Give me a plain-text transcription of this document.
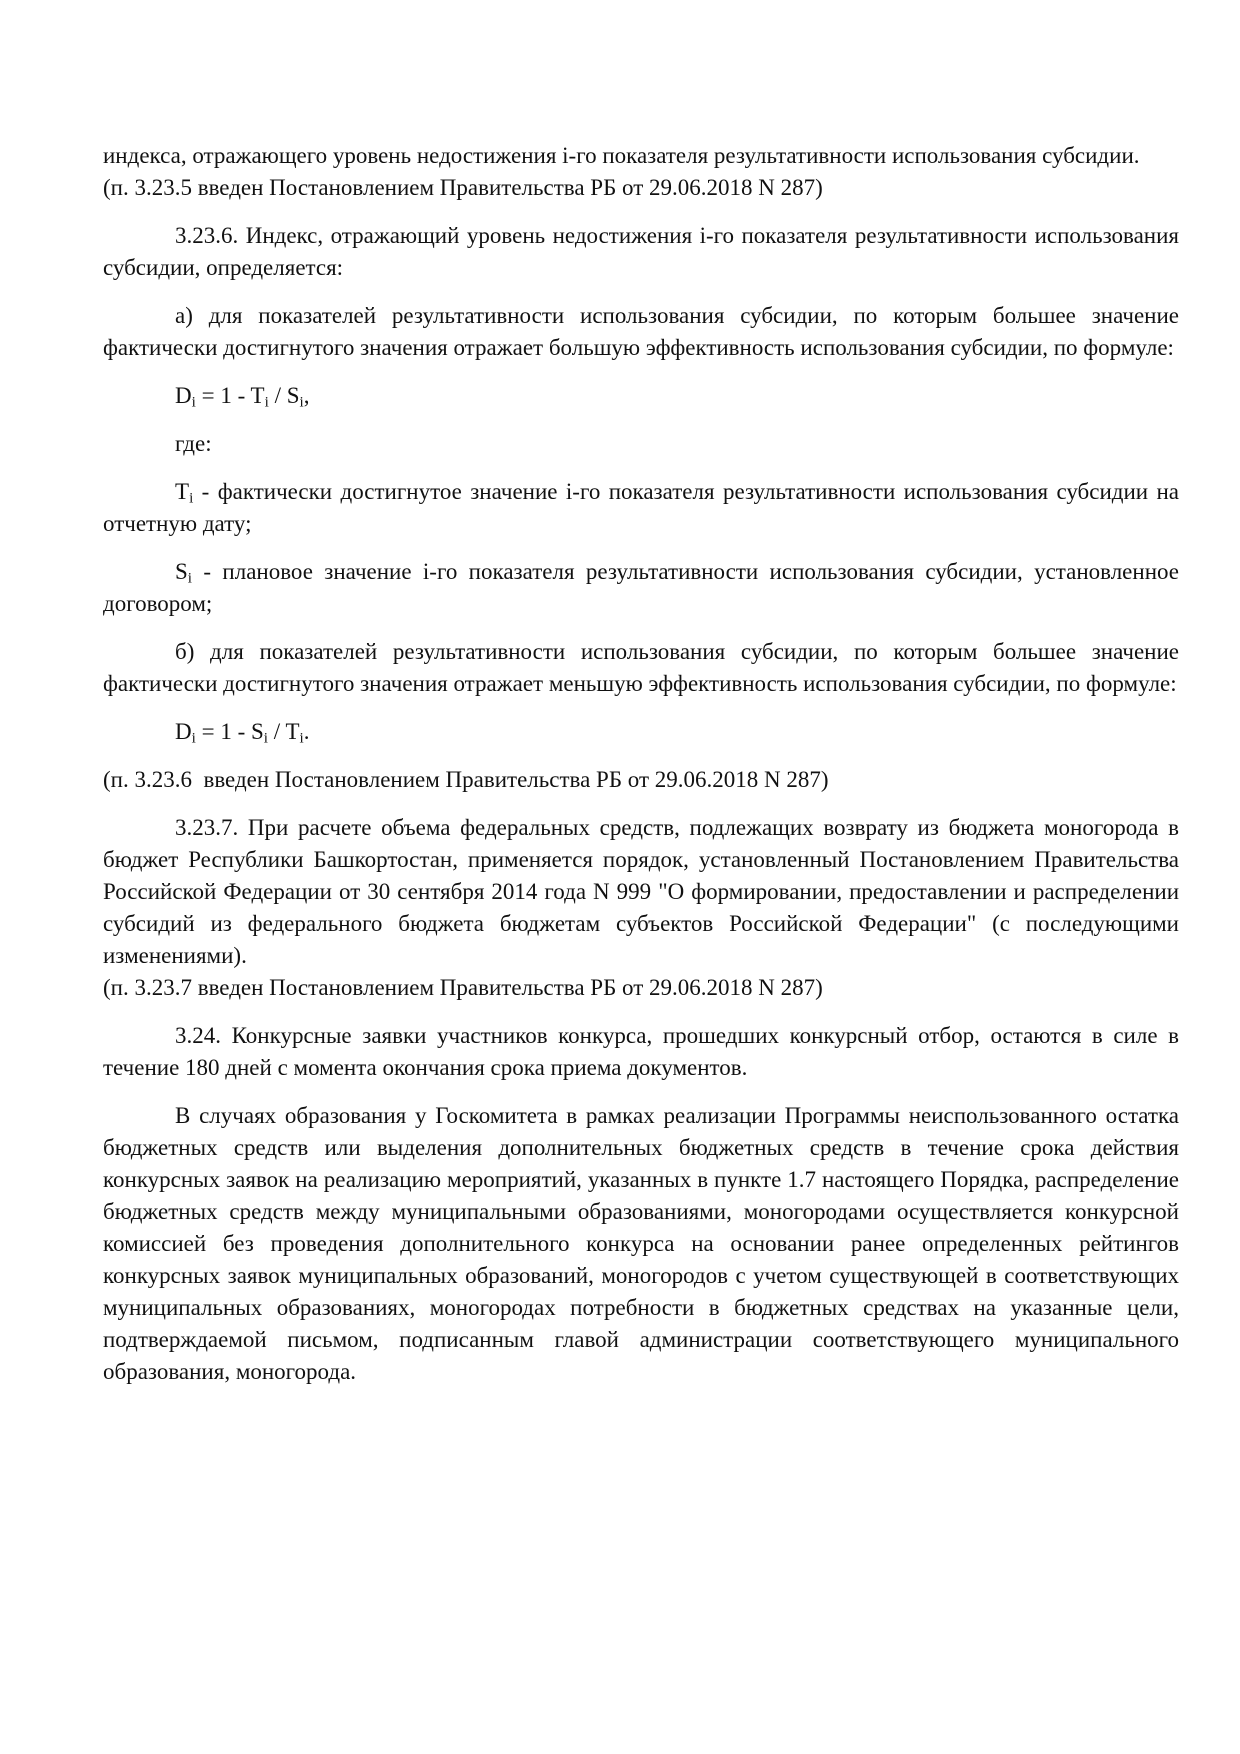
индекса, отражающего уровень недостижения i-го показателя результативности использования субсидии.

(п. 3.23.5 введен Постановлением Правительства РБ от 29.06.2018 N 287)

3.23.6. Индекс, отражающий уровень недостижения i-го показателя результативности использования субсидии, определяется:

а) для показателей результативности использования субсидии, по которым большее значение фактически достигнутого значения отражает большую эффективность использования субсидии, по формуле:

$D_i = 1 - T_i / S_i$,

где:

$T_i$ - фактически достигнутое значение i-го показателя результативности использования субсидии на отчетную дату;

$S_i$ - плановое значение i-го показателя результативности использования субсидии, установленное договором;

б) для показателей результативности использования субсидии, по которым большее значение фактически достигнутого значения отражает меньшую эффективность использования субсидии, по формуле:

$D_i = 1 - S_i / T_i$.

(п. 3.23.6  введен Постановлением Правительства РБ от 29.06.2018 N 287)

3.23.7. При расчете объема федеральных средств, подлежащих возврату из бюджета моногорода в бюджет Республики Башкортостан, применяется порядок, установленный Постановлением Правительства Российской Федерации от 30 сентября 2014 года N 999 "О формировании, предоставлении и распределении субсидий из федерального бюджета бюджетам субъектов Российской Федерации" (с последующими изменениями).

(п. 3.23.7 введен Постановлением Правительства РБ от 29.06.2018 N 287)

3.24. Конкурсные заявки участников конкурса, прошедших конкурсный отбор, остаются в силе в течение 180 дней с момента окончания срока приема документов.

В случаях образования у Госкомитета в рамках реализации Программы неиспользованного остатка бюджетных средств или выделения дополнительных бюджетных средств в течение срока действия конкурсных заявок на реализацию мероприятий, указанных в пункте 1.7 настоящего Порядка, распределение бюджетных средств между муниципальными образованиями, моногородами осуществляется конкурсной комиссией без проведения дополнительного конкурса на основании ранее определенных рейтингов конкурсных заявок муниципальных образований, моногородов с учетом существующей в соответствующих муниципальных образованиях, моногородах потребности в бюджетных средствах на указанные цели, подтверждаемой письмом, подписанным главой администрации соответствующего муниципального образования, моногорода.
